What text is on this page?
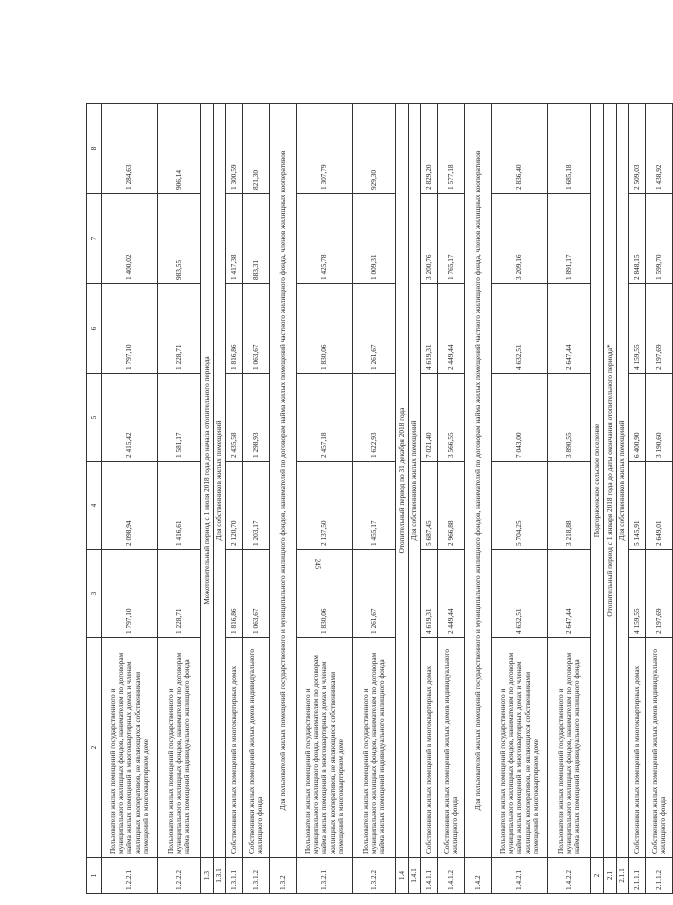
245
1	2	3	4	5	6	7	8
1.2.2.1	Пользователи жилых помещений государственного и муниципального жилищных фондов, нанимателям по договорам найма жилых помещений в многоквартирных домах и членам жилищных кооперативов, не являющихся собственниками помещений в многоквартирном доме	1 797,10	2 098,94	2 415,42	1 797,10	1 400,02	1 284,63
1.2.2.2	Пользователи жилых помещений государственного и муниципального жилищных фондов, нанимателям по договорам найма жилых помещений индивидуального жилищного фонда	1 228,71	1 416,61	1 581,17	1 228,71	983,55	906,14
1.3	Межотопительный период с 1 июля 2018 года до начала отопительного периода						
1.3.1	Для собственников жилых помещений						
1.3.1.1	Собственники жилых помещений в многоквартирных домах	1 816,86	2 120,70	2 435,58	1 816,86	1 417,38	1 300,59
1.3.1.2	Собственники жилых помещений жилых домов индивидуального жилищного фонда	1 063,67	1 203,17	1 298,93	1 063,67	883,31	821,30
1.3.2	Для пользователей жилых помещений государственного и муниципального жилищного фондов, нанимателей по договорам найма жилых помещений частного жилищного фонда, членов жилищных кооперативов						
1.3.2.1	Пользователи жилых помещений государственного и муниципального жилищного фонда, нанимателям по договорам найма жилых помещений в многоквартирных домах и членам жилищных кооперативов, не являющиеся собственниками помещений в многоквартирном доме	1 830,06	2 137,50	2 457,18	1 830,06	1 425,78	1 307,79
1.3.2.2	Пользователи жилых помещений государственного и муниципального жилищных фондов, нанимателям по договорам найма жилых помещений индивидуального жилищного фонда	1 261,67	1 455,17	1 622,93	1 261,67	1 009,31	929,30
1.4	Отопительный период по 31 декабря 2018 года						
1.4.1	Для собственников жилых помещений						
1.4.1.1	Собственники жилых помещений в многоквартирных домах	4 619,31	5 687,45	7 021,40	4 619,31	3 200,76	2 829,20
1.4.1.2	Собственники жилых помещений жилых домов индивидуального жилищного фонда	2 449,44	2 966,88	3 566,55	2 449,44	1 765,17	1 577,18
1.4.2	Для пользователей жилых помещений государственного и муниципального жилищного фондов, нанимателей по договорам найма жилых помещений частного жилищного фонда, членов жилищных кооперативов						
1.4.2.1	Пользователи жилых помещений государственного и муниципального жилищных фондов, нанимателям по договорам найма жилых помещений в многоквартирных домах и членам жилищных кооперативов, не являющихся собственниками помещений в многоквартирном доме	4 632,51	5 704,25	7 043,00	4 632,51	3 209,16	2 836,40
1.4.2.2	Пользователи жилых помещений государственного и муниципального жилищных фондов, нанимателям по договорам найма жилых помещений индивидуального жилищного фонда	2 647,44	3 218,88	3 890,55	2 647,44	1 891,17	1 685,18
2	Подгорноенское сельское поселение						
2.1	Отопительный период с 1 января 2018 года до даты окончания отопительного периода*						
2.1.1	Для собственников жилых помещений						
2.1.1.1	Собственники жилых помещений в многоквартирных домах	4 159,55	5 145,91	6 400,90	4 159,55	2 848,15	2 509,03
2.1.1.2	Собственники жилых помещений жилых домов индивидуального жилищного фонда	2 197,69	2 649,01	3 190,60	2 197,69	1 599,70	1 438,92
